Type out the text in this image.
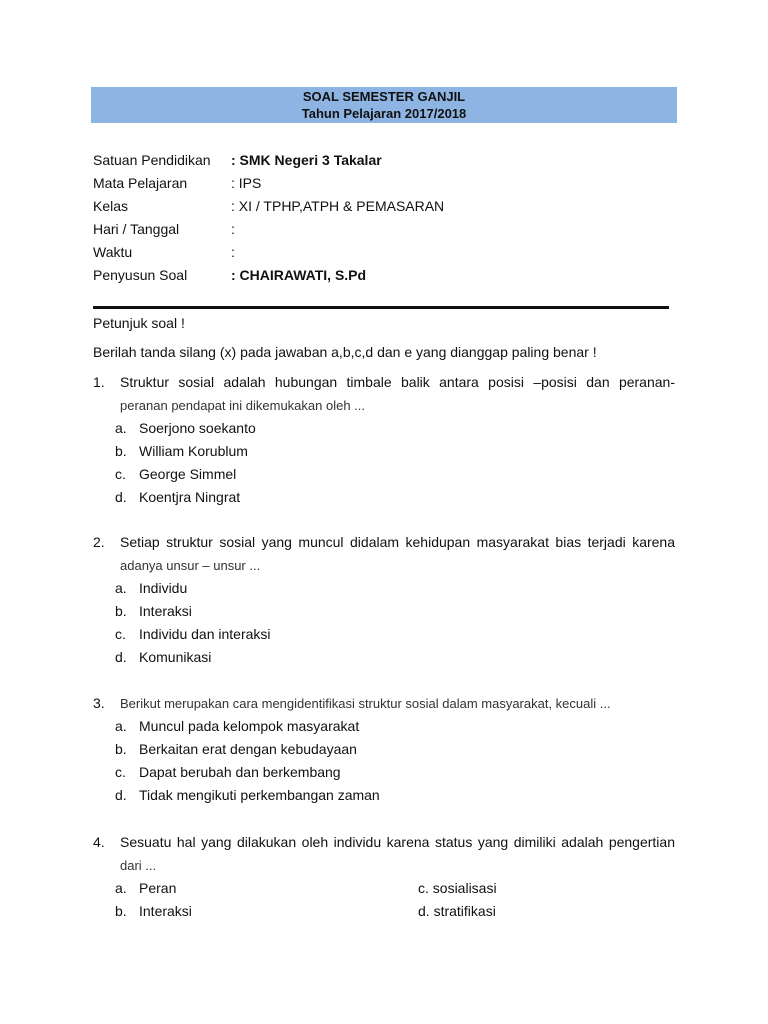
SOAL SEMESTER GANJIL
Tahun Pelajaran 2017/2018
Satuan Pendidikan : SMK Negeri 3 Takalar
Mata Pelajaran	: IPS
Kelas	: XI / TPHP,ATPH & PEMASARAN
Hari / Tanggal	:
Waktu	:
Penyusun Soal	: CHAIRAWATI, S.Pd
Petunjuk soal !
Berilah tanda silang (x) pada jawaban a,b,c,d dan e yang dianggap paling benar !
1. Struktur sosial adalah hubungan timbale balik antara posisi –posisi dan peranan-
peranan pendapat ini dikemukakan oleh ...
a. Soerjono soekanto
b. William Korublum
c. George Simmel
d. Koentjra Ningrat
2. Setiap struktur sosial yang muncul didalam kehidupan masyarakat bias terjadi karena
adanya unsur – unsur ...
a. Individu
b. Interaksi
c. Individu dan interaksi
d. Komunikasi
3. Berikut merupakan cara mengidentifikasi struktur sosial dalam masyarakat, kecuali ...
a. Muncul pada kelompok masyarakat
b. Berkaitan erat dengan kebudayaan
c. Dapat berubah dan berkembang
d. Tidak mengikuti perkembangan zaman
4. Sesuatu hal yang dilakukan oleh individu karena status yang dimiliki adalah pengertian
dari ...
a. Peran	c. sosialisasi
b. Interaksi	d. stratifikasi
